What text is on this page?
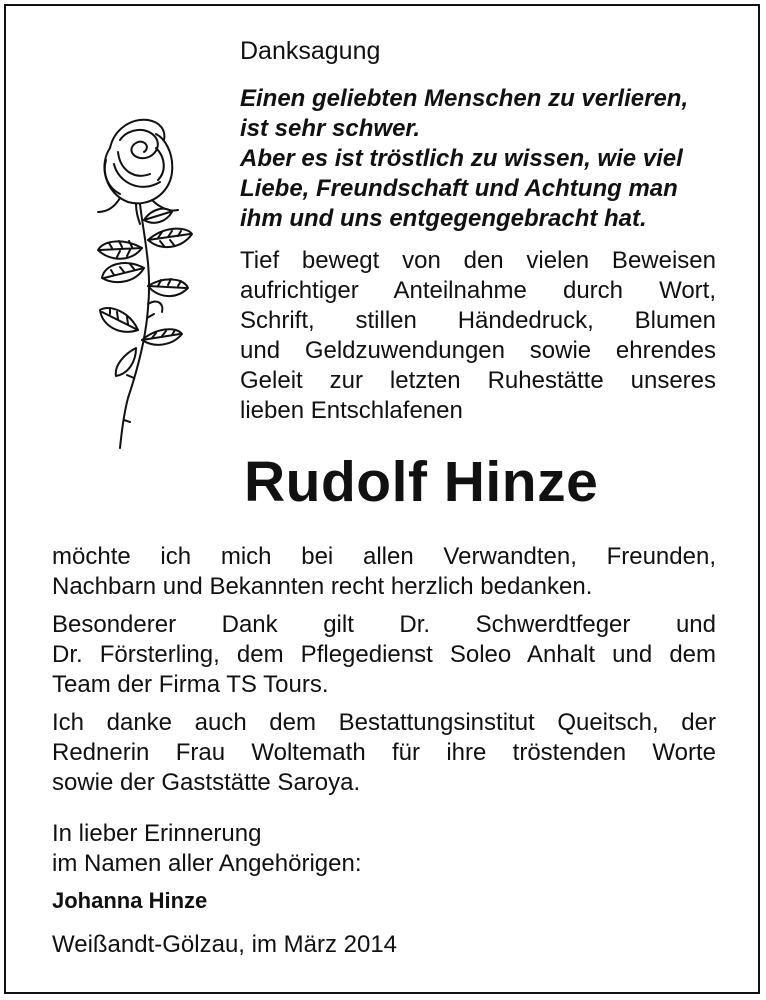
Danksagung
Einen geliebten Menschen zu verlieren,
ist sehr schwer.
Aber es ist tröstlich zu wissen, wie viel
Liebe, Freundschaft und Achtung man
ihm und uns entgegengebracht hat.
Tief bewegt von den vielen Beweisen
aufrichtiger Anteilnahme durch Wort,
Schrift, stillen Händedruck, Blumen
und Geldzuwendungen sowie ehrendes
Geleit zur letzten Ruhestätte unseres
lieben Entschlafenen
Rudolf Hinze
möchte ich mich bei allen Verwandten, Freunden,
Nachbarn und Bekannten recht herzlich bedanken.
Besonderer Dank gilt Dr. Schwerdtfeger und
Dr. Försterling, dem Pflegedienst Soleo Anhalt und dem
Team der Firma TS Tours.
Ich danke auch dem Bestattungsinstitut Queitsch, der
Rednerin Frau Woltemath für ihre tröstenden Worte
sowie der Gaststätte Saroya.
In lieber Erinnerung
im Namen aller Angehörigen:
Johanna Hinze
Weißandt-Gölzau, im März 2014
